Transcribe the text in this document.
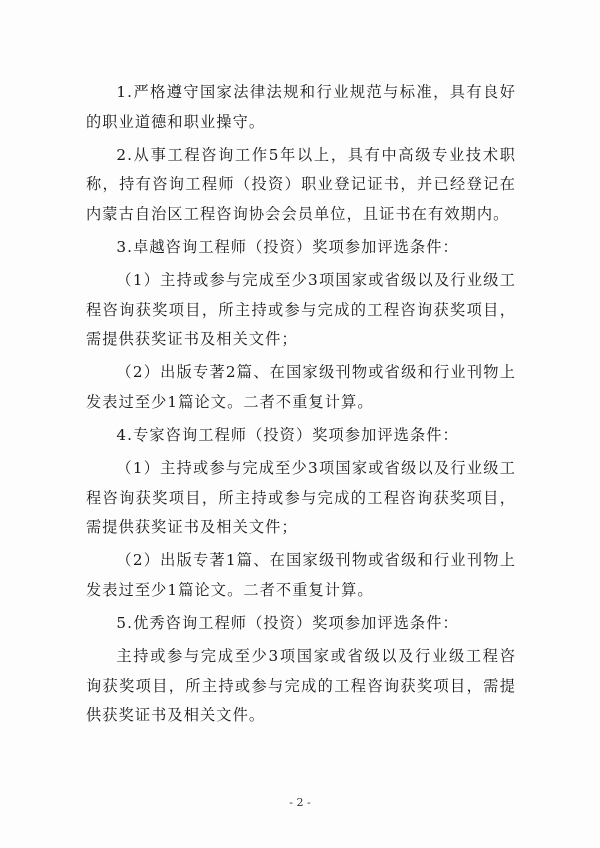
1.严格遵守国家法律法规和行业规范与标准，具有良好的职业道德和职业操守。

2.从事工程咨询工作5年以上，具有中高级专业技术职称，持有咨询工程师（投资）职业登记证书，并已经登记在内蒙古自治区工程咨询协会会员单位，且证书在有效期内。

3.卓越咨询工程师（投资）奖项参加评选条件：

（1）主持或参与完成至少3项国家或省级以及行业级工程咨询获奖项目，所主持或参与完成的工程咨询获奖项目，需提供获奖证书及相关文件；

（2）出版专著2篇、在国家级刊物或省级和行业刊物上发表过至少1篇论文。二者不重复计算。

4.专家咨询工程师（投资）奖项参加评选条件：

（1）主持或参与完成至少3项国家或省级以及行业级工程咨询获奖项目，所主持或参与完成的工程咨询获奖项目，需提供获奖证书及相关文件；

（2）出版专著1篇、在国家级刊物或省级和行业刊物上发表过至少1篇论文。二者不重复计算。

5.优秀咨询工程师（投资）奖项参加评选条件：

主持或参与完成至少3项国家或省级以及行业级工程咨询获奖项目，所主持或参与完成的工程咨询获奖项目，需提供获奖证书及相关文件。

- 2 -
